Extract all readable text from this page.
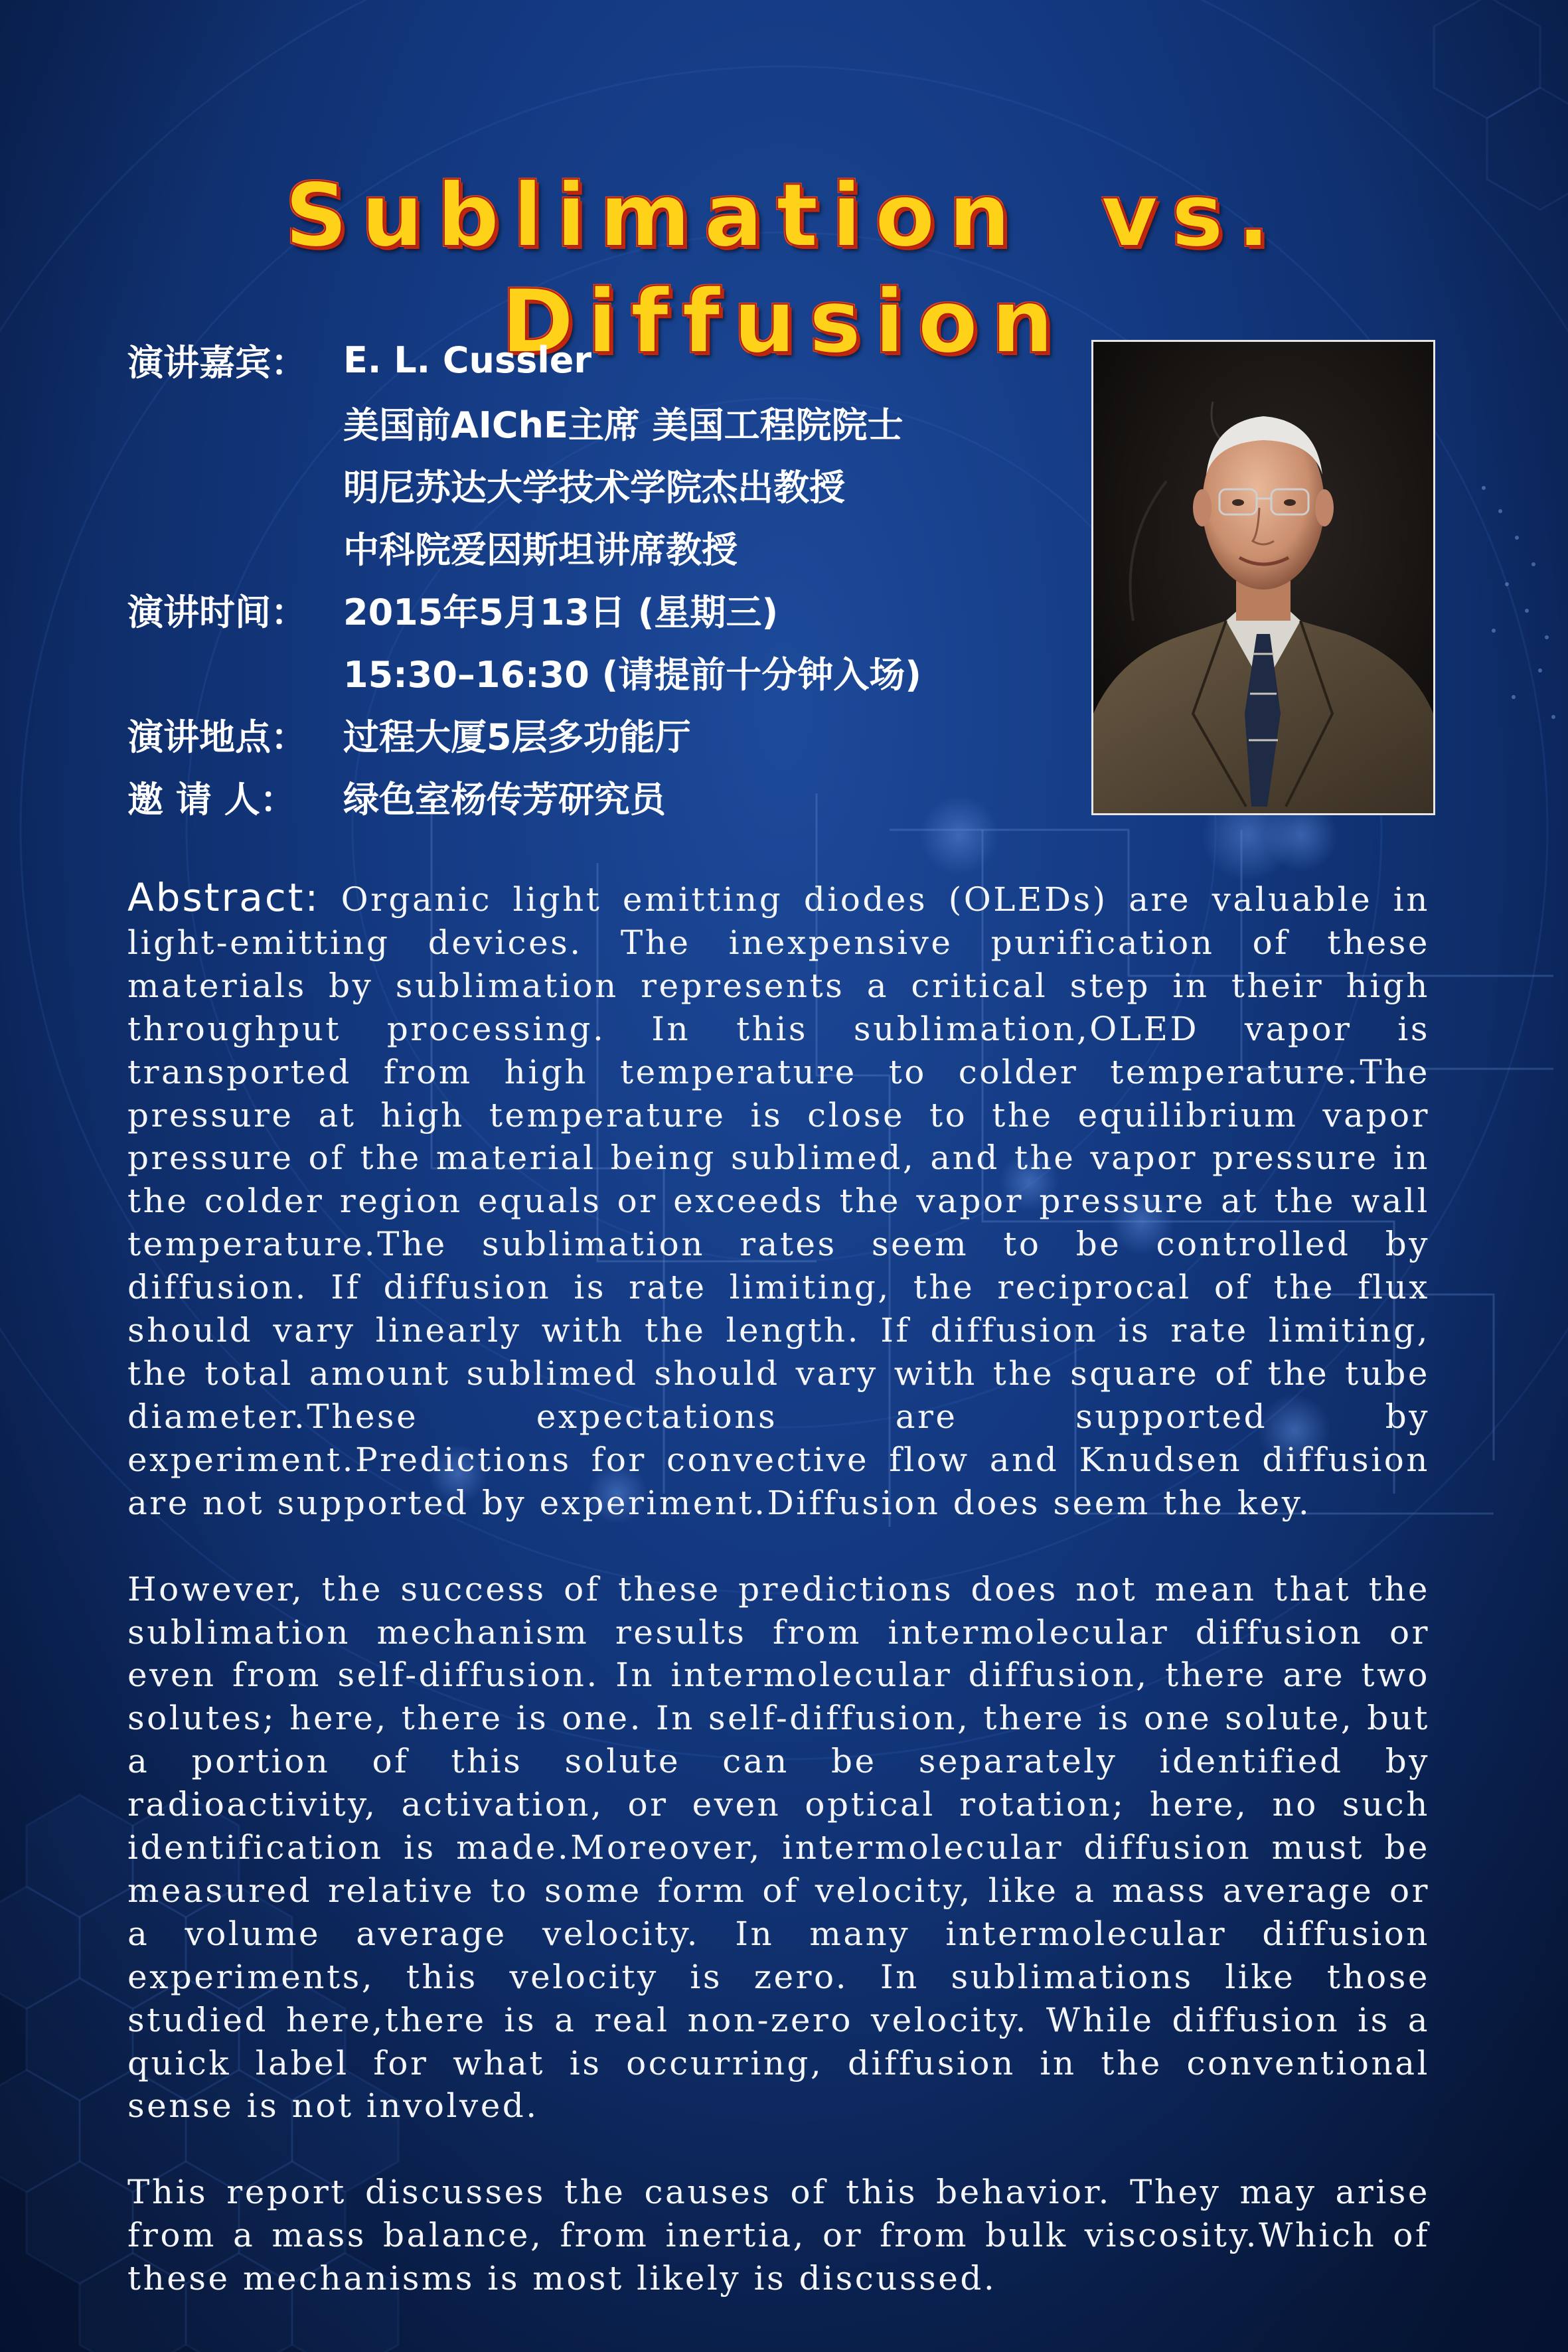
Sublimation vs. Diffusion
演讲嘉宾：	E. L. Cussler
美国前AIChE主席 美国工程院院士
明尼苏达大学技术学院杰出教授
中科院爱因斯坦讲席教授
演讲时间：	2015年5月13日 (星期三)
15:30–16:30 (请提前十分钟入场)
演讲地点：	过程大厦5层多功能厅
邀 请 人：	绿色室杨传芳研究员

Abstract: Organic light emitting diodes (OLEDs) are valuable in light-emitting devices. The inexpensive purification of these materials by sublimation represents a critical step in their high throughput processing. In this sublimation,OLED vapor is transported from high temperature to colder temperature.The pressure at high temperature is close to the equilibrium vapor pressure of the material being sublimed, and the vapor pressure in the colder region equals or exceeds the vapor pressure at the wall temperature.The sublimation rates seem to be controlled by diffusion. If diffusion is rate limiting, the reciprocal of the flux should vary linearly with the length. If diffusion is rate limiting, the total amount sublimed should vary with the square of the tube diameter.These expectations are supported by experiment.Predictions for convective flow and Knudsen diffusion are not supported by experiment.Diffusion does seem the key.

However, the success of these predictions does not mean that the sublimation mechanism results from intermolecular diffusion or even from self-diffusion. In intermolecular diffusion, there are two solutes; here, there is one. In self-diffusion, there is one solute, but a portion of this solute can be separately identified by radioactivity, activation, or even optical rotation; here, no such identification is made.Moreover, intermolecular diffusion must be measured relative to some form of velocity, like a mass average or a volume average velocity. In many intermolecular diffusion experiments, this velocity is zero. In sublimations like those studied here,there is a real non-zero velocity. While diffusion is a quick label for what is occurring, diffusion in the conventional sense is not involved.

This report discusses the causes of this behavior. They may arise from a mass balance, from inertia, or from bulk viscosity.Which of these mechanisms is most likely is discussed.
